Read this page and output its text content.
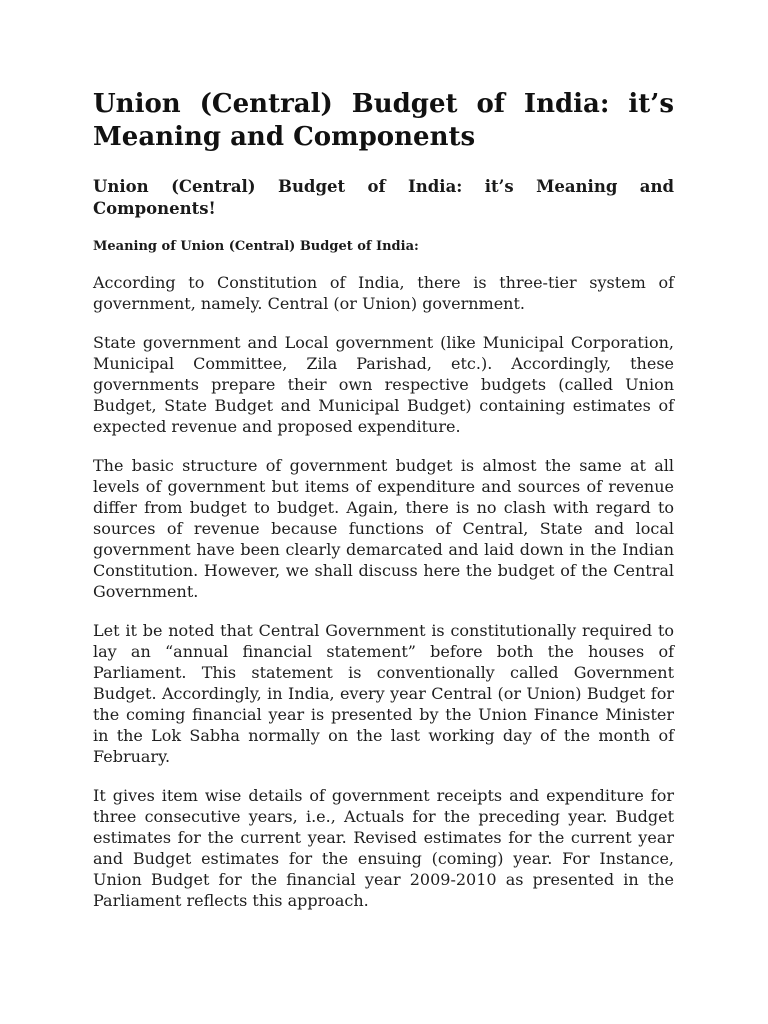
Union (Central) Budget of India: it’s Meaning and Components
Union (Central) Budget of India: it’s Meaning and Components!
Meaning of Union (Central) Budget of India:

According to Constitution of India, there is three-tier system of government, namely. Central (or Union) government.

State government and Local government (like Municipal Corporation, Municipal Committee, Zila Parishad, etc.). Accordingly, these governments prepare their own respective budgets (called Union Budget, State Budget and Municipal Budget) containing estimates of expected revenue and proposed expenditure.

The basic structure of government budget is almost the same at all levels of government but items of expenditure and sources of revenue differ from budget to budget. Again, there is no clash with regard to sources of revenue because functions of Central, State and local government have been clearly demarcated and laid down in the Indian Constitution. However, we shall discuss here the budget of the Central Government.

Let it be noted that Central Government is constitutionally required to lay an “annual financial statement” before both the houses of Parliament. This statement is conventionally called Government Budget. Accordingly, in India, every year Central (or Union) Budget for the coming financial year is presented by the Union Finance Minister in the Lok Sabha normally on the last working day of the month of February.

It gives item wise details of government receipts and expenditure for three consecutive years, i.e., Actuals for the preceding year. Budget estimates for the current year. Revised estimates for the current year and Budget estimates for the ensuing (coming) year. For Instance, Union Budget for the financial year 2009-2010 as presented in the Parliament reflects this approach.
